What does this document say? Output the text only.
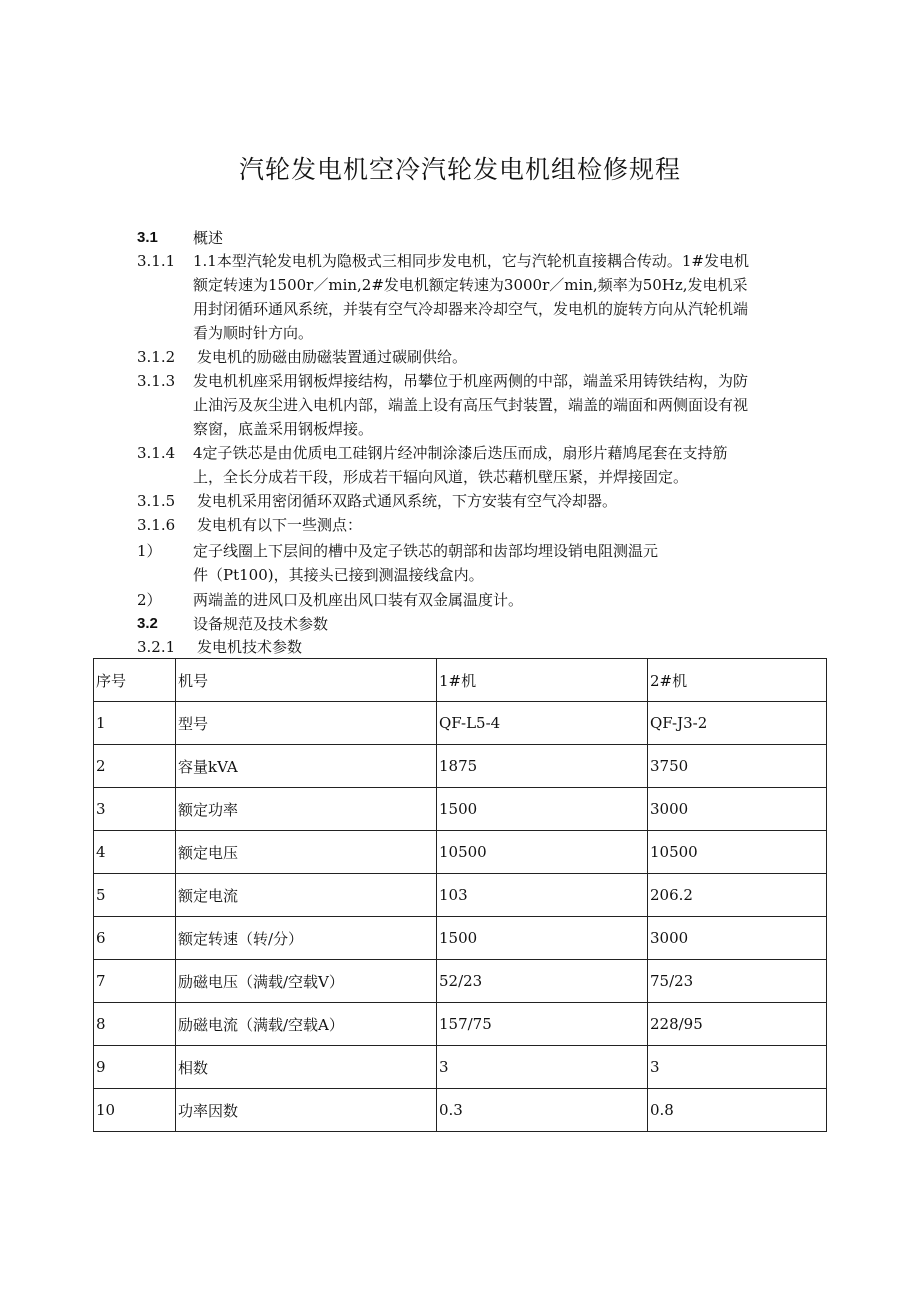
汽轮发电机空冷汽轮发电机组检修规程
3.1 概述
3.1.1 1.1本型汽轮发电机为隐极式三相同步发电机，它与汽轮机直接耦合传动。1#发电机
额定转速为1500r／min,2#发电机额定转速为3000r／min,频率为50Hz,发电机采
用封闭循环通风系统，并装有空气冷却器来冷却空气，发电机的旋转方向从汽轮机端
看为顺时针方向。
3.1.2 发电机的励磁由励磁装置通过碳刷供给。
3.1.3 发电机机座采用钢板焊接结构，吊攀位于机座两侧的中部，端盖采用铸铁结构，为防
止油污及灰尘进入电机内部，端盖上设有高压气封装置，端盖的端面和两侧面设有视
察窗，底盖采用钢板焊接。
3.1.4 4定子铁芯是由优质电工硅钢片经冲制涂漆后迭压而成，扇形片藉鸠尾套在支持筋
上，全长分成若干段，形成若干辐向风道，铁芯藉机壁压紧，并焊接固定。
3.1.5 发电机采用密闭循环双路式通风系统，下方安装有空气冷却器。
3.1.6 发电机有以下一些测点：
1） 定子线圈上下层间的槽中及定子铁芯的朝部和齿部均埋设销电阻测温元
件（Pt100)，其接头已接到测温接线盒内。
2） 两端盖的进风口及机座出风口装有双金属温度计。
3.2 设备规范及技术参数
3.2.1 发电机技术参数
序号	机号	1#机	2#机
1	型号	QF-L5-4	QF-J3-2
2	容量kVA	1875	3750
3	额定功率	1500	3000
4	额定电压	10500	10500
5	额定电流	103	206.2
6	额定转速（转/分）	1500	3000
7	励磁电压（满载/空载V）	52/23	75/23
8	励磁电流（满载/空载A）	157/75	228/95
9	相数	3	3
10	功率因数	0.3	0.8
